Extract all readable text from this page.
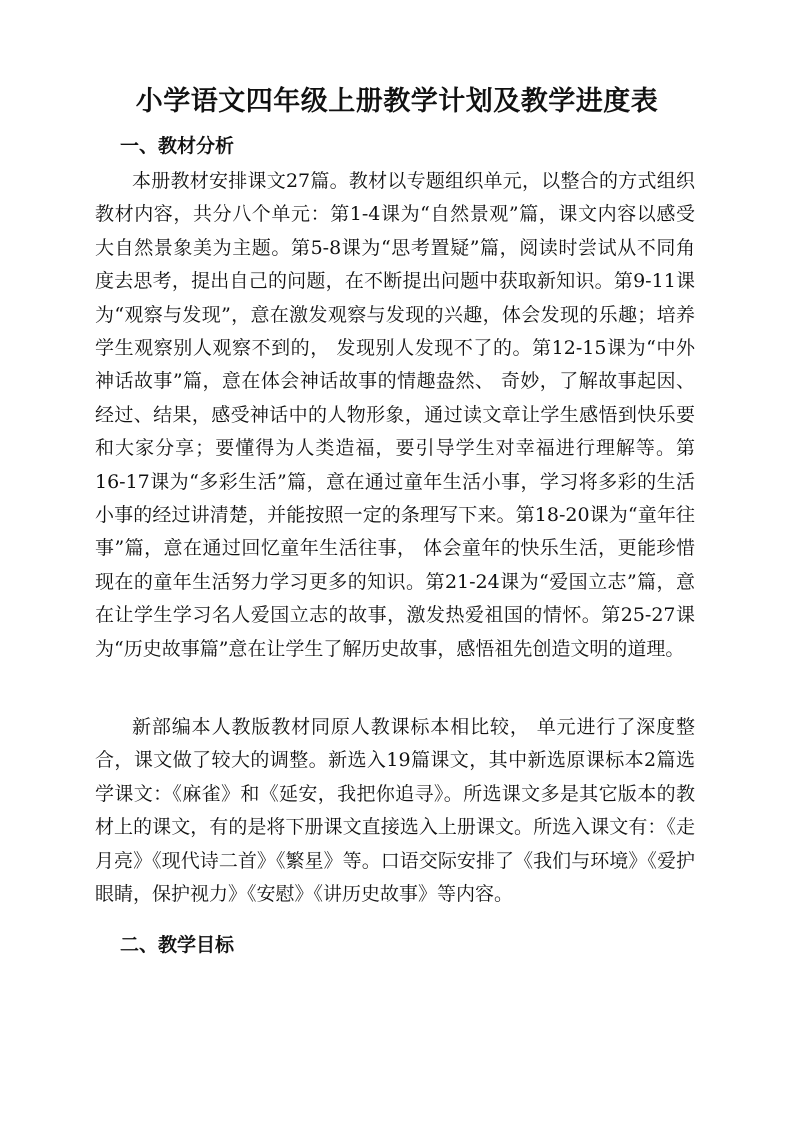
小学语文四年级上册教学计划及教学进度表
一、教材分析

本册教材安排课文27篇。教材以专题组织单元，以整合的方式组织教材内容，共分八个单元：第1-4课为“自然景观”篇，课文内容以感受大自然景象美为主题。第5-8课为“思考置疑”篇，阅读时尝试从不同角度去思考，提出自己的问题，在不断提出问题中获取新知识。第9-11课为“观察与发现”，意在激发观察与发现的兴趣，体会发现的乐趣；培养学生观察别人观察不到的， 发现别人发现不了的。第12-15课为“中外神话故事”篇，意在体会神话故事的情趣盎然、 奇妙，了解故事起因、经过、结果，感受神话中的人物形象，通过读文章让学生感悟到快乐要和大家分享；要懂得为人类造福，要引导学生对幸福进行理解等。第16-17课为“多彩生活”篇，意在通过童年生活小事，学习将多彩的生活小事的经过讲清楚，并能按照一定的条理写下来。第18-20课为“童年往事”篇，意在通过回忆童年生活往事， 体会童年的快乐生活，更能珍惜现在的童年生活努力学习更多的知识。第21-24课为“爱国立志”篇，意在让学生学习名人爱国立志的故事，激发热爱祖国的情怀。第25-27课为“历史故事篇”意在让学生了解历史故事，感悟祖先创造文明的道理。

新部编本人教版教材同原人教课标本相比较， 单元进行了深度整合，课文做了较大的调整。新选入19篇课文，其中新选原课标本2篇选学课文：《麻雀》和《延安，我把你追寻》。所选课文多是其它版本的教材上的课文，有的是将下册课文直接选入上册课文。所选入课文有：《走月亮》《现代诗二首》《繁星》等。口语交际安排了《我们与环境》《爱护眼睛，保护视力》《安慰》《讲历史故事》等内容。

二、教学目标
